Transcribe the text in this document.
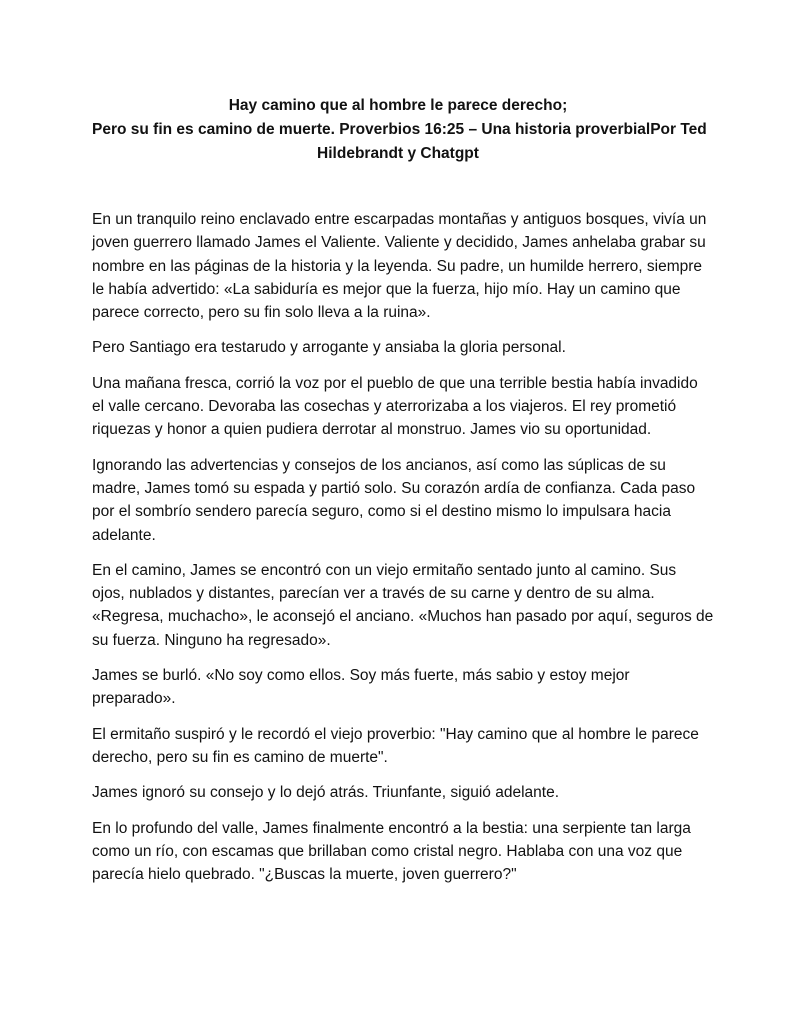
Hay camino que al hombre le parece derecho;
Pero su fin es camino de muerte. Proverbios 16:25 – Una historia proverbialPor Ted
Hildebrandt y Chatgpt

En un tranquilo reino enclavado entre escarpadas montañas y antiguos bosques, vivía un
joven guerrero llamado James el Valiente. Valiente y decidido, James anhelaba grabar su
nombre en las páginas de la historia y la leyenda. Su padre, un humilde herrero, siempre
le había advertido: «La sabiduría es mejor que la fuerza, hijo mío. Hay un camino que
parece correcto, pero su fin solo lleva a la ruina».

Pero Santiago era testarudo y arrogante y ansiaba la gloria personal.

Una mañana fresca, corrió la voz por el pueblo de que una terrible bestia había invadido
el valle cercano. Devoraba las cosechas y aterrorizaba a los viajeros. El rey prometió
riquezas y honor a quien pudiera derrotar al monstruo. James vio su oportunidad.

Ignorando las advertencias y consejos de los ancianos, así como las súplicas de su
madre, James tomó su espada y partió solo. Su corazón ardía de confianza. Cada paso
por el sombrío sendero parecía seguro, como si el destino mismo lo impulsara hacia
adelante.

En el camino, James se encontró con un viejo ermitaño sentado junto al camino. Sus
ojos, nublados y distantes, parecían ver a través de su carne y dentro de su alma.
«Regresa, muchacho», le aconsejó el anciano. «Muchos han pasado por aquí, seguros de
su fuerza. Ninguno ha regresado».

James se burló. «No soy como ellos. Soy más fuerte, más sabio y estoy mejor
preparado».

El ermitaño suspiró y le recordó el viejo proverbio: "Hay camino que al hombre le parece
derecho, pero su fin es camino de muerte".

James ignoró su consejo y lo dejó atrás. Triunfante, siguió adelante.

En lo profundo del valle, James finalmente encontró a la bestia: una serpiente tan larga
como un río, con escamas que brillaban como cristal negro. Hablaba con una voz que
parecía hielo quebrado. "¿Buscas la muerte, joven guerrero?"
